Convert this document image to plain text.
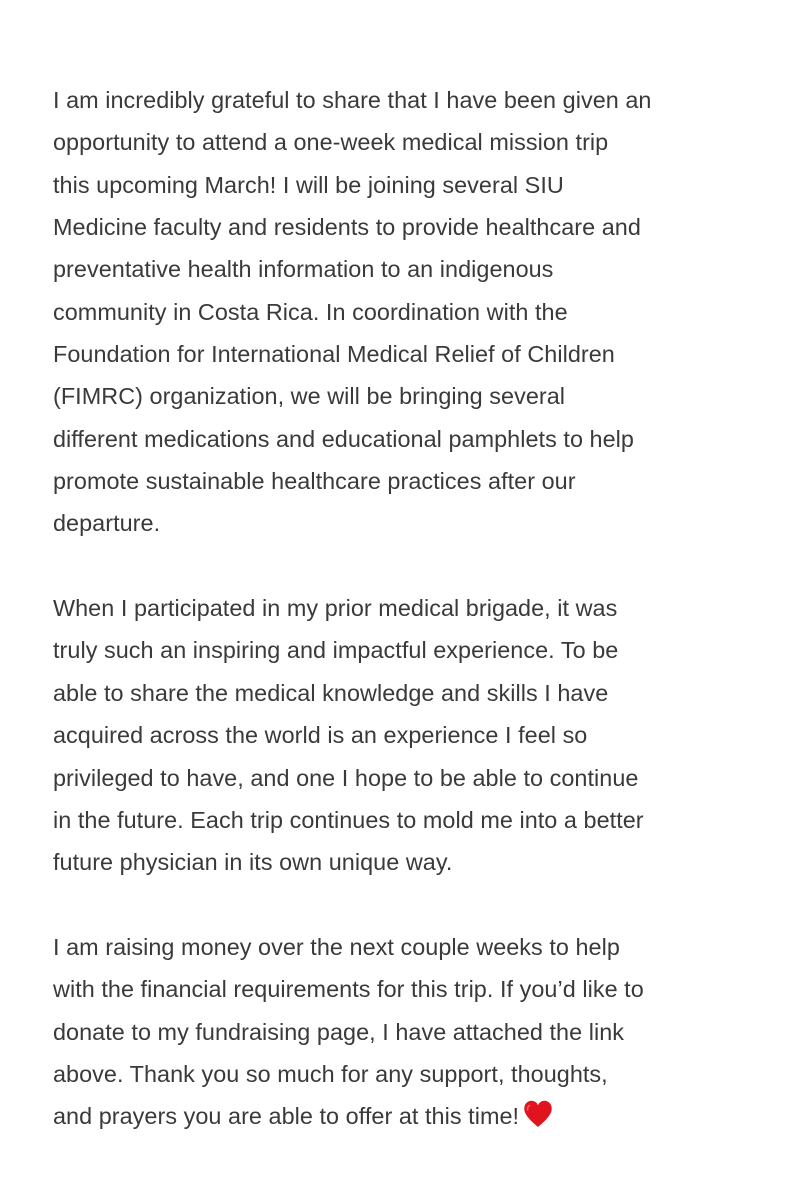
I am incredibly grateful to share that I have been given an
opportunity to attend a one-week medical mission trip
this upcoming March! I will be joining several SIU
Medicine faculty and residents to provide healthcare and
preventative health information to an indigenous
community in Costa Rica. In coordination with the
Foundation for International Medical Relief of Children
(FIMRC) organization, we will be bringing several
different medications and educational pamphlets to help
promote sustainable healthcare practices after our
departure.
When I participated in my prior medical brigade, it was
truly such an inspiring and impactful experience. To be
able to share the medical knowledge and skills I have
acquired across the world is an experience I feel so
privileged to have, and one I hope to be able to continue
in the future. Each trip continues to mold me into a better
future physician in its own unique way.
I am raising money over the next couple weeks to help
with the financial requirements for this trip. If you’d like to
donate to my fundraising page, I have attached the link
above. Thank you so much for any support, thoughts,
and prayers you are able to offer at this time!
